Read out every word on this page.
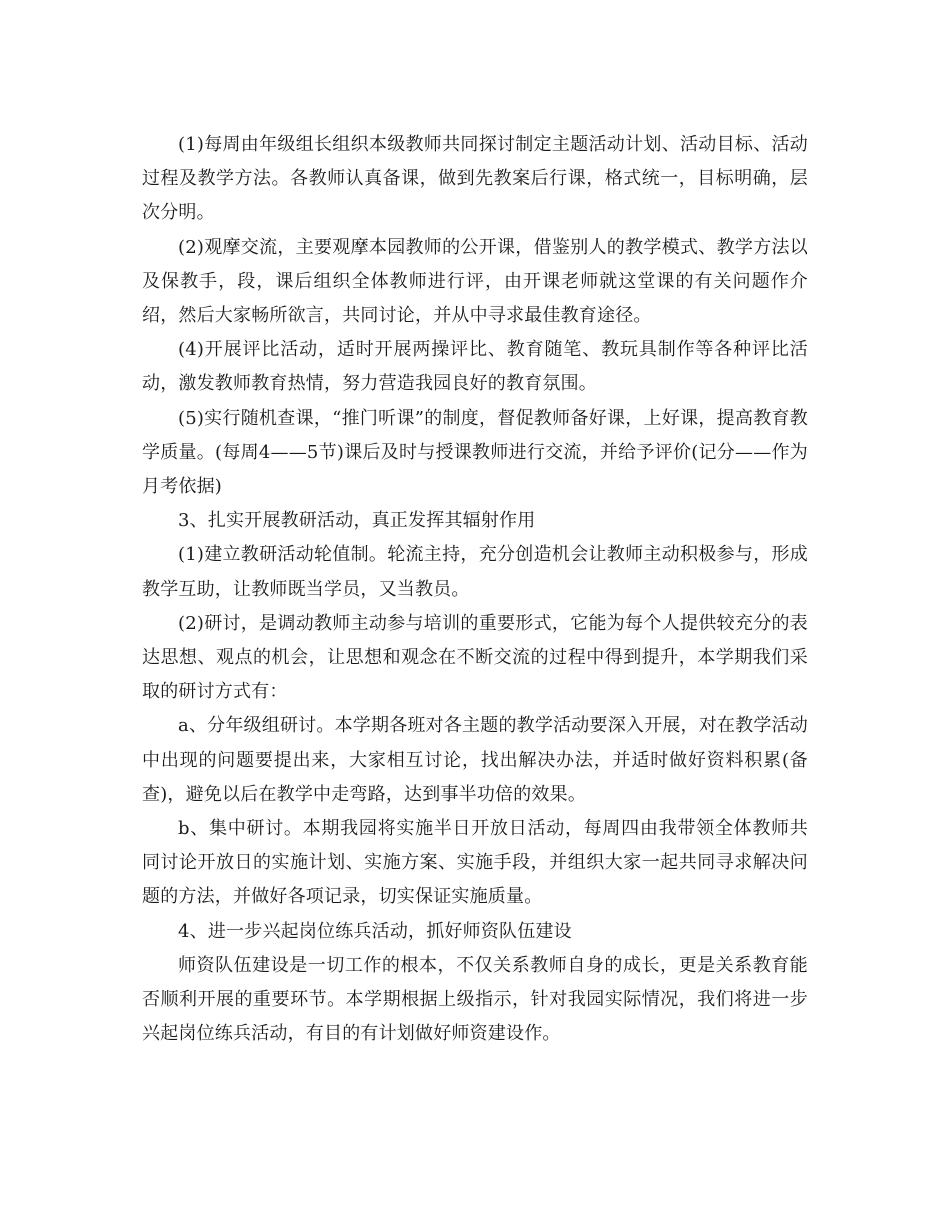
(1)每周由年级组长组织本级教师共同探讨制定主题活动计划、活动目标、活动过程及教学方法。各教师认真备课，做到先教案后行课，格式统一，目标明确，层次分明。

(2)观摩交流，主要观摩本园教师的公开课，借鉴别人的教学模式、教学方法以及保教手，段，课后组织全体教师进行评，由开课老师就这堂课的有关问题作介绍，然后大家畅所欲言，共同讨论，并从中寻求最佳教育途径。

(4)开展评比活动，适时开展两操评比、教育随笔、教玩具制作等各种评比活动，激发教师教育热情，努力营造我园良好的教育氛围。

(5)实行随机查课，“推门听课”的制度，督促教师备好课，上好课，提高教育教学质量。(每周4——5节)课后及时与授课教师进行交流，并给予评价(记分——作为月考依据)

3、扎实开展教研活动，真正发挥其辐射作用

(1)建立教研活动轮值制。轮流主持，充分创造机会让教师主动积极参与，形成教学互助，让教师既当学员，又当教员。

(2)研讨，是调动教师主动参与培训的重要形式，它能为每个人提供较充分的表达思想、观点的机会，让思想和观念在不断交流的过程中得到提升，本学期我们采取的研讨方式有：

a、分年级组研讨。本学期各班对各主题的教学活动要深入开展，对在教学活动中出现的问题要提出来，大家相互讨论，找出解决办法，并适时做好资料积累(备查)，避免以后在教学中走弯路，达到事半功倍的效果。

b、集中研讨。本期我园将实施半日开放日活动，每周四由我带领全体教师共同讨论开放日的实施计划、实施方案、实施手段，并组织大家一起共同寻求解决问题的方法，并做好各项记录，切实保证实施质量。

4、进一步兴起岗位练兵活动，抓好师资队伍建设

师资队伍建设是一切工作的根本，不仅关系教师自身的成长，更是关系教育能否顺利开展的重要环节。本学期根据上级指示，针对我园实际情况，我们将进一步兴起岗位练兵活动，有目的有计划做好师资建设作。
